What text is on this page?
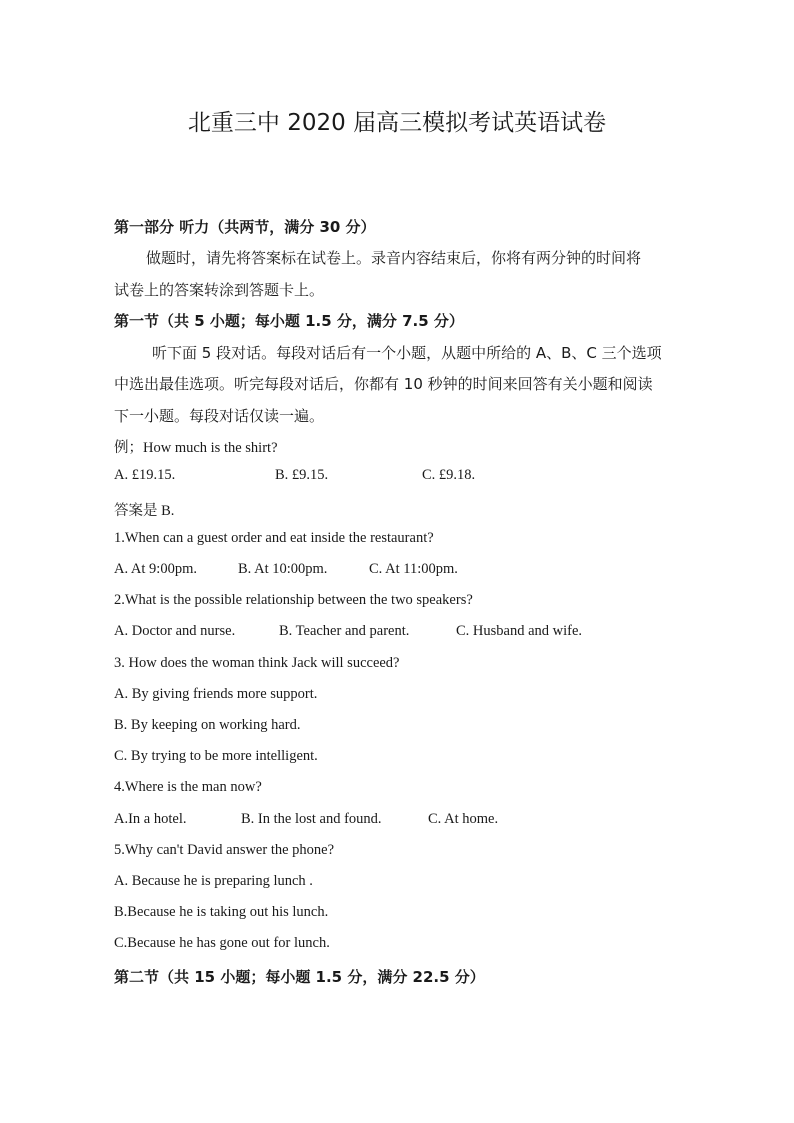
北重三中 2020 届高三模拟考试英语试卷
第一部分 听力（共两节，满分 30 分）
做题时，请先将答案标在试卷上。录音内容结束后，你将有两分钟的时间将
试卷上的答案转涂到答题卡上。
第一节（共 5 小题；每小题 1.5 分，满分 7.5 分）
听下面 5 段对话。每段对话后有一个小题，从题中所给的 A、B、C 三个选项
中选出最佳选项。听完每段对话后，你都有 10 秒钟的时间来回答有关小题和阅读
下一小题。每段对话仅读一遍。
例；How much is the shirt?
A. £19.15.	B. £9.15.	C. £9.18.
答案是 B.
1.When can a guest order and eat inside the restaurant?
A. At 9:00pm.	B. At 10:00pm.	C. At 11:00pm.
2.What is the possible relationship between the two speakers?
A. Doctor and nurse.	B. Teacher and parent.	C. Husband and wife.
3. How does the woman think Jack will succeed?
A. By giving friends more support.
B. By keeping on working hard.
C. By trying to be more intelligent.
4.Where is the man now?
A.In a hotel.	B. In the lost and found.	C. At home.
5.Why can't David answer the phone?
A. Because he is preparing lunch .
B.Because he is taking out his lunch.
C.Because he has gone out for lunch.
第二节（共 15 小题；每小题 1.5 分，满分 22.5 分）
